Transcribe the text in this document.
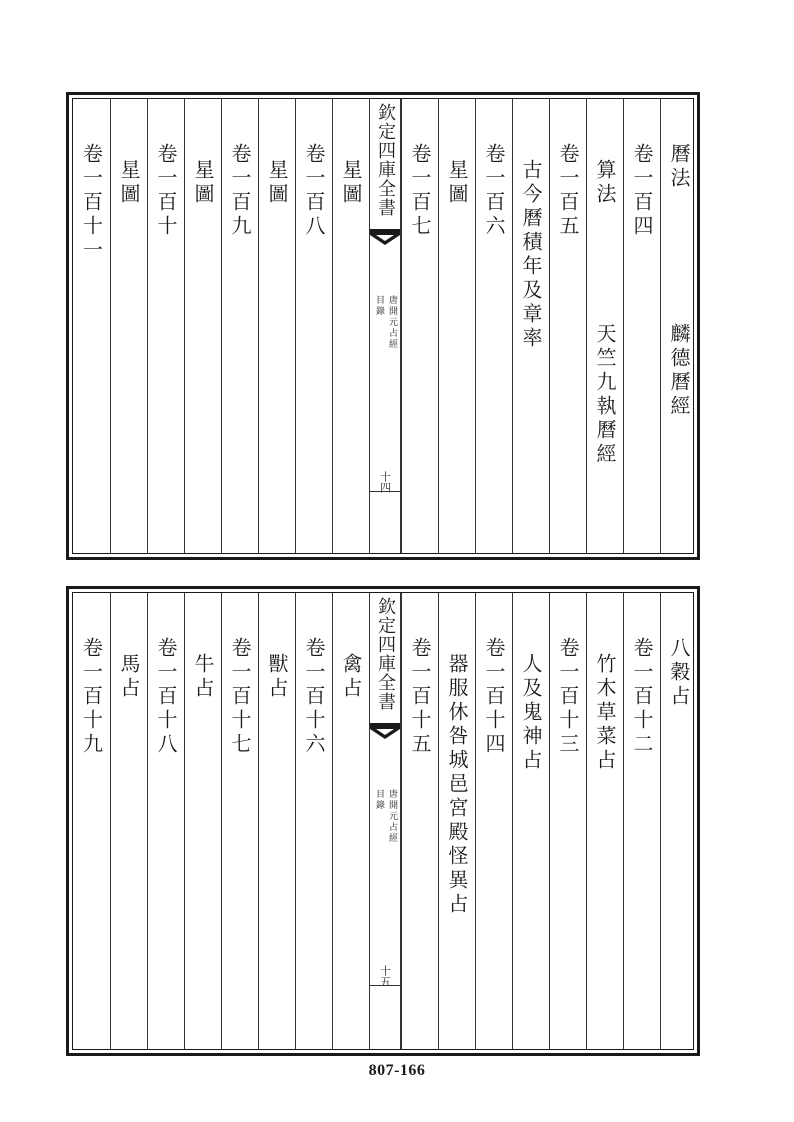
曆法
麟德曆經
卷一百四
算法
天竺九執曆經
卷一百五
古今曆積年及章率
卷一百六
星圖
卷一百七
欽定四庫全書
唐開元占經
目錄
十四
星圖
卷一百八
星圖
卷一百九
星圖
卷一百十
星圖
卷一百十一
八穀占
卷一百十二
竹木草菜占
卷一百十三
人及鬼神占
卷一百十四
器服休咎城邑宮殿怪異占
卷一百十五
欽定四庫全書
唐開元占經
目錄
十五
禽占
卷一百十六
獸占
卷一百十七
牛占
卷一百十八
馬占
卷一百十九
807-166
